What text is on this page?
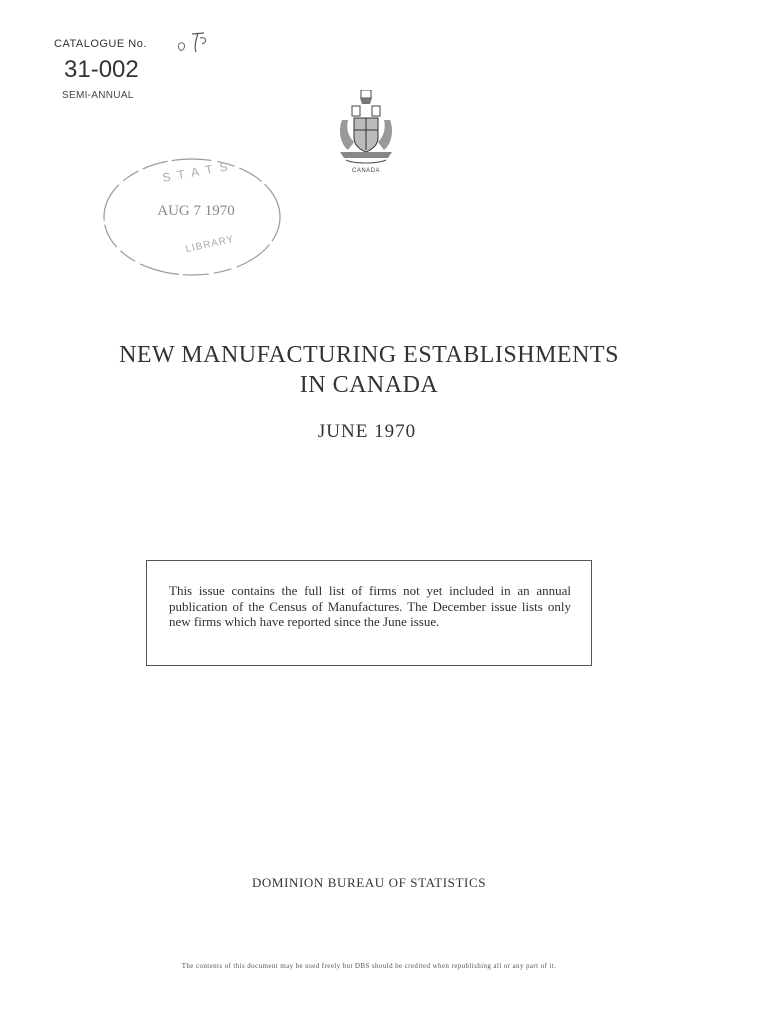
CATALOGUE No.
31-002
SEMI-ANNUAL
CANADA
S T A T S
AUG 7 1970
LIBRARY
NEW MANUFACTURING ESTABLISHMENTS
IN CANADA
JUNE 1970
This issue contains the full list of firms not yet included in an annual publication of the Census of Manufactures. The December issue lists only new firms which have reported since the June issue.
DOMINION BUREAU OF STATISTICS
The contents of this document may be used freely but DBS should be credited when republishing all or any part of it.
